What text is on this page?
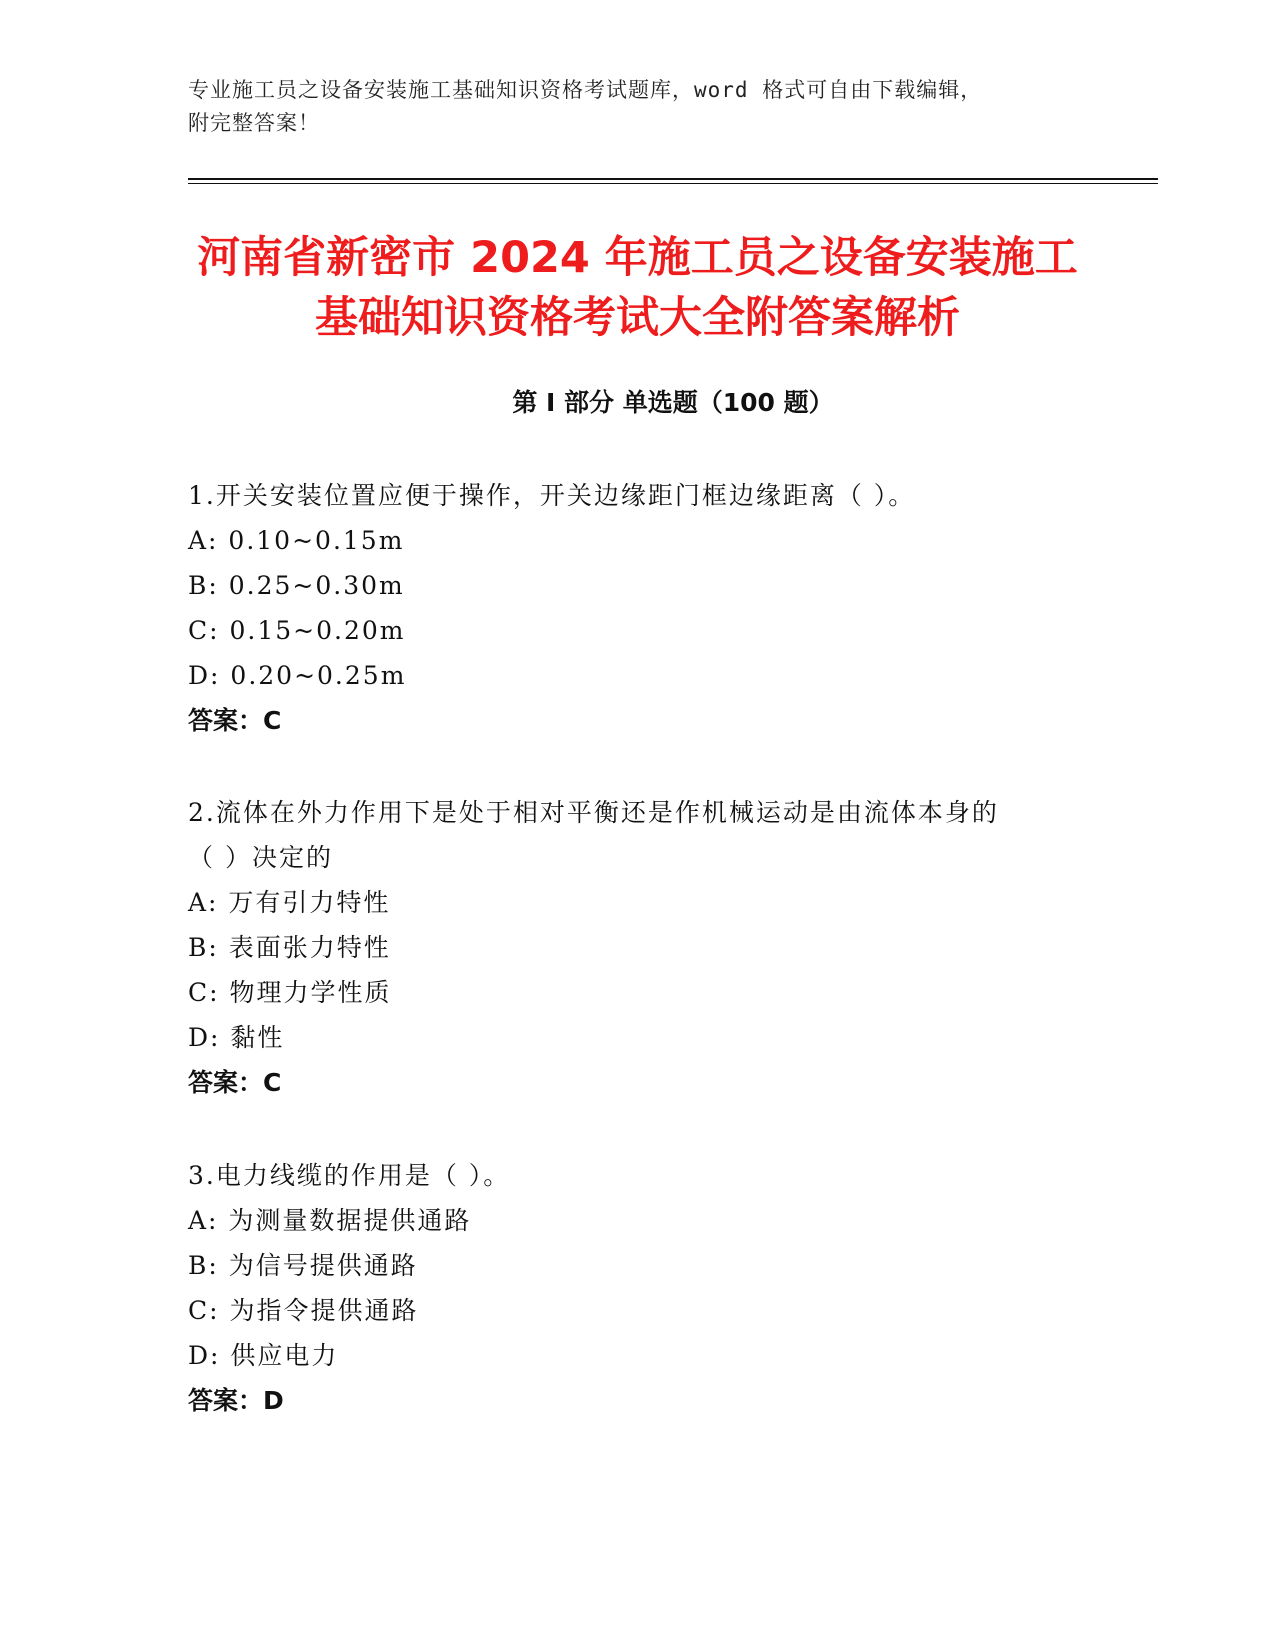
专业施工员之设备安装施工基础知识资格考试题库，word 格式可自由下载编辑，
附完整答案！
河南省新密市 2024 年施工员之设备安装施工
基础知识资格考试大全附答案解析
第 I 部分 单选题（100 题）
1.开关安装位置应便于操作，开关边缘距门框边缘距离（ ）。
A: 0.10~0.15m
B: 0.25~0.30m
C: 0.15~0.20m
D: 0.20~0.25m
答案：C
2.流体在外力作用下是处于相对平衡还是作机械运动是由流体本身的
（ ）决定的
A: 万有引力特性
B: 表面张力特性
C: 物理力学性质
D: 黏性
答案：C
3.电力线缆的作用是（ ）。
A: 为测量数据提供通路
B: 为信号提供通路
C: 为指令提供通路
D: 供应电力
答案：D
